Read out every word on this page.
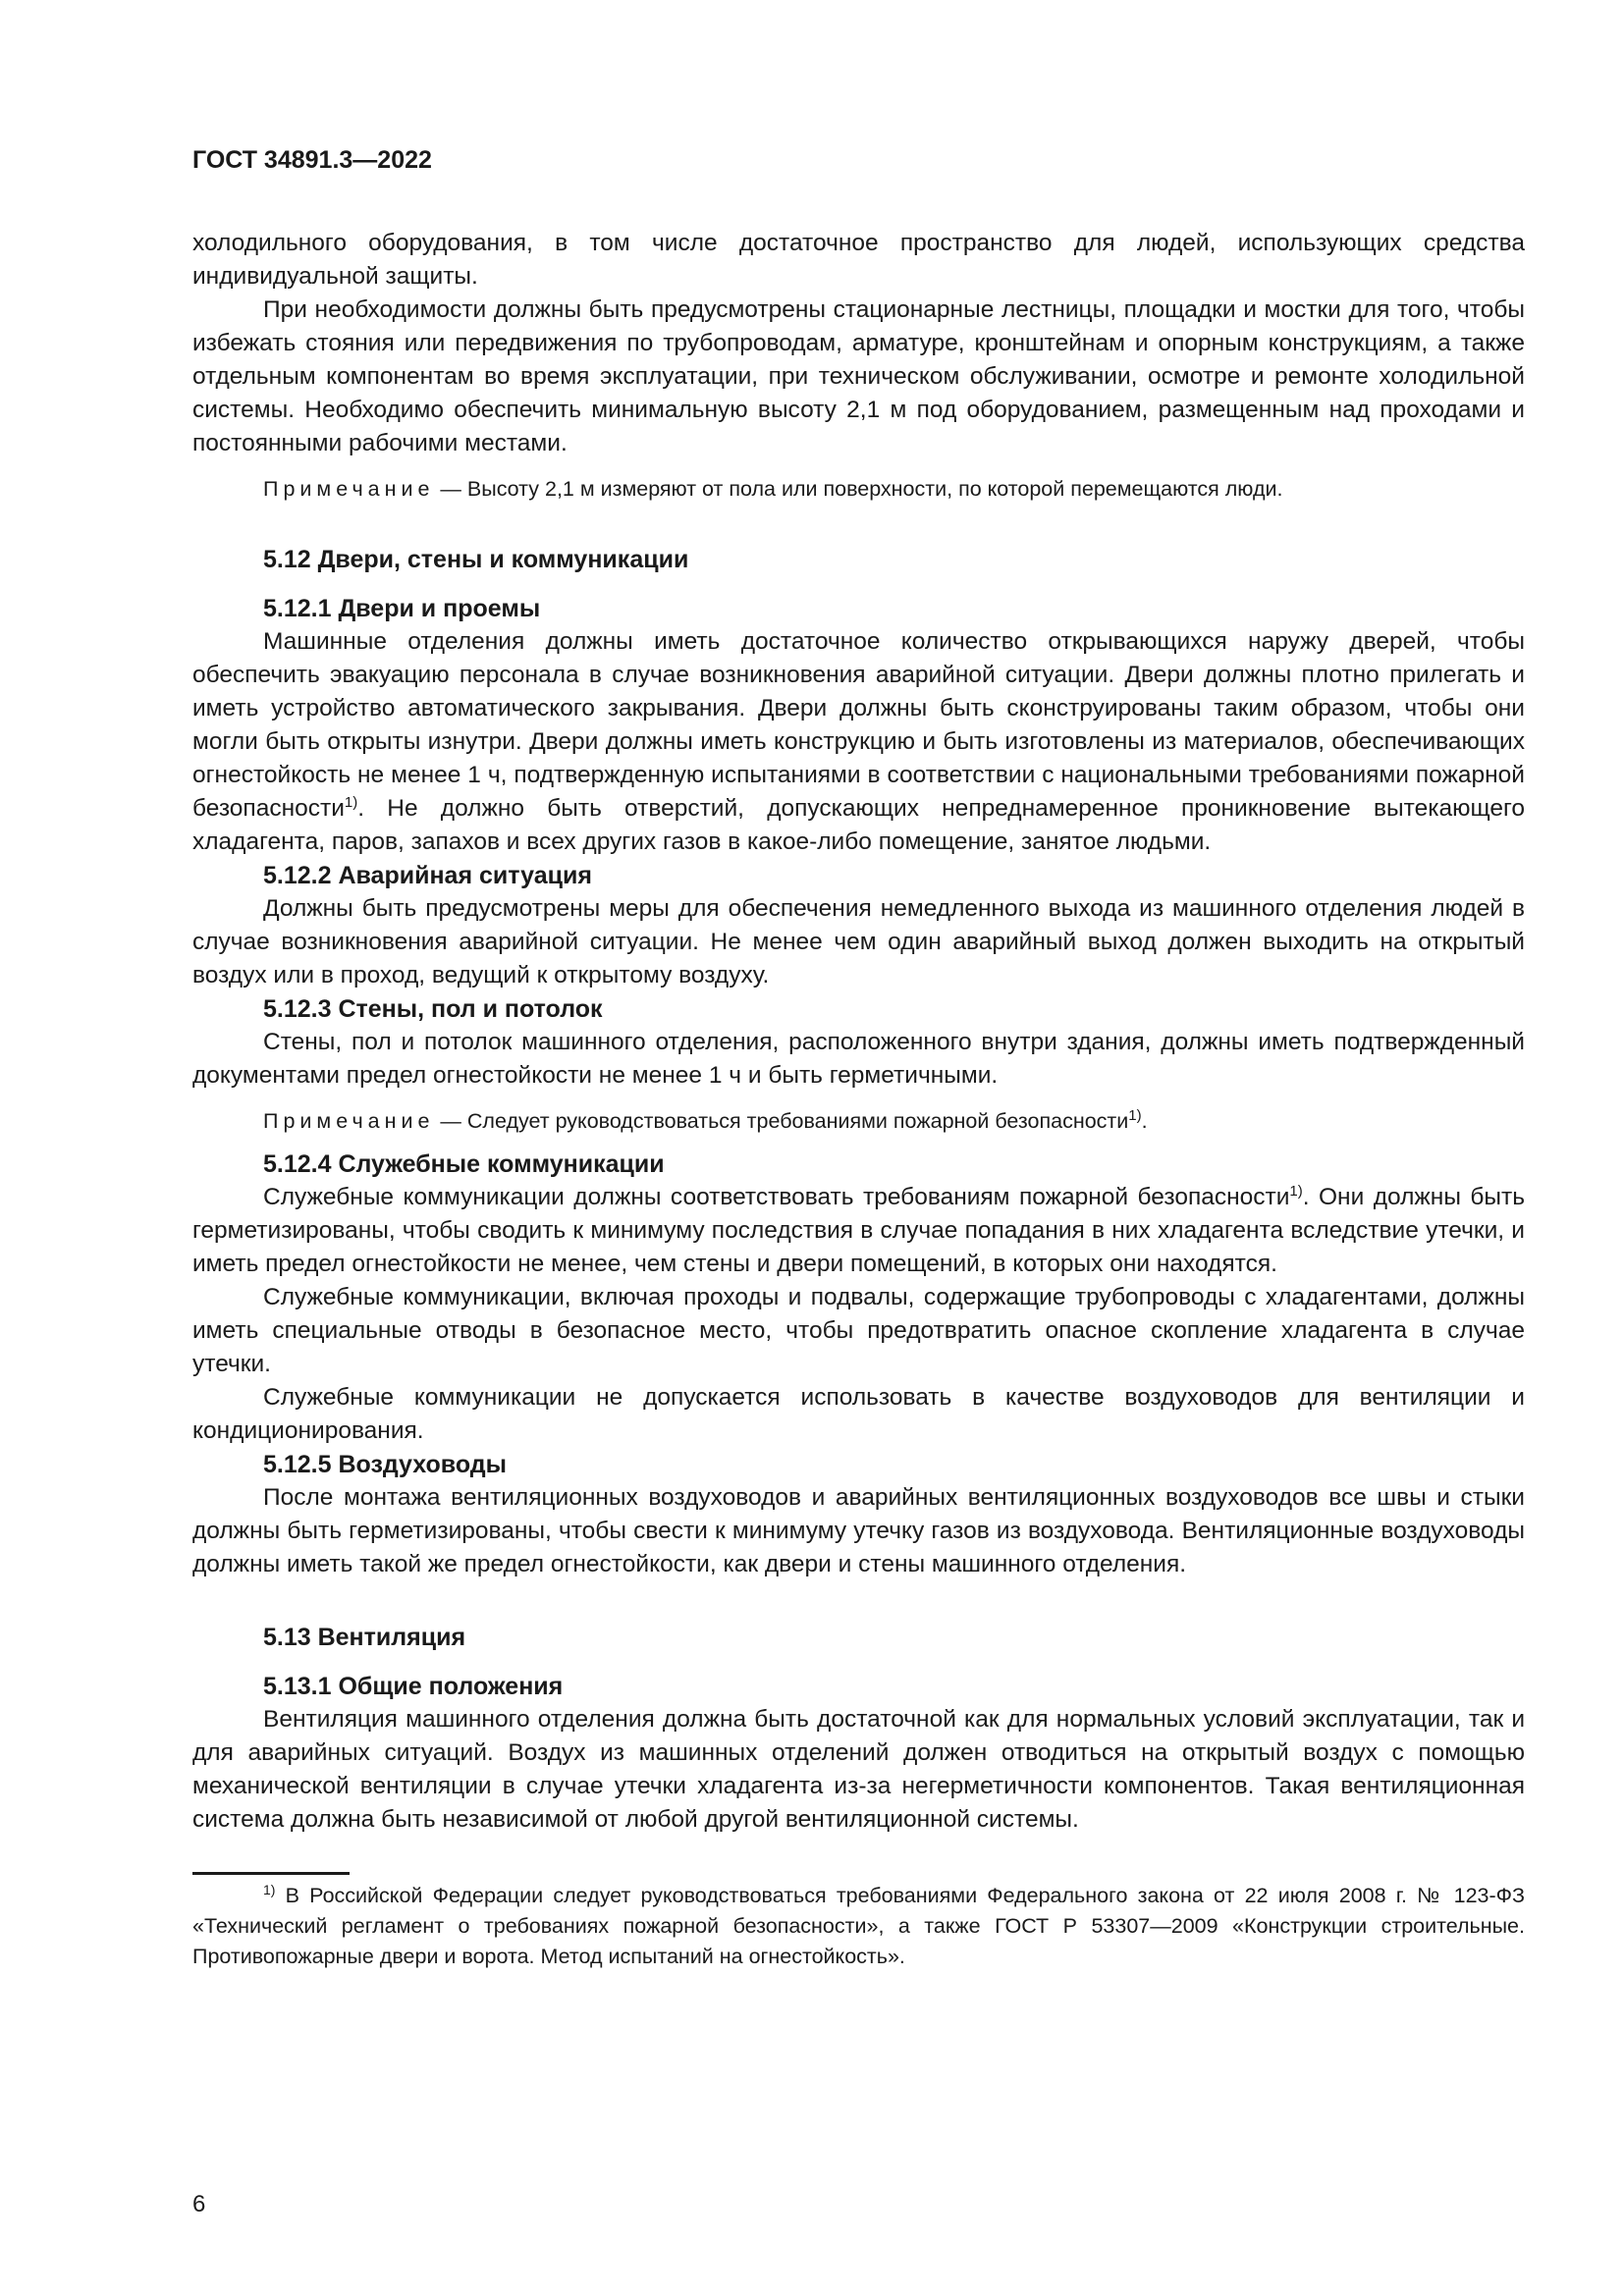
ГОСТ 34891.3—2022

холодильного оборудования, в том числе достаточное пространство для людей, использующих средства индивидуальной защиты.

При необходимости должны быть предусмотрены стационарные лестницы, площадки и мостки для того, чтобы избежать стояния или передвижения по трубопроводам, арматуре, кронштейнам и опорным конструкциям, а также отдельным компонентам во время эксплуатации, при техническом обслуживании, осмотре и ремонте холодильной системы. Необходимо обеспечить минимальную высоту 2,1 м под оборудованием, размещенным над проходами и постоянными рабочими местами.

Примечание — Высоту 2,1 м измеряют от пола или поверхности, по которой перемещаются люди.
5.12 Двери, стены и коммуникации
5.12.1 Двери и проемы

Машинные отделения должны иметь достаточное количество открывающихся наружу дверей, чтобы обеспечить эвакуацию персонала в случае возникновения аварийной ситуации. Двери должны плотно прилегать и иметь устройство автоматического закрывания. Двери должны быть сконструированы таким образом, чтобы они могли быть открыты изнутри. Двери должны иметь конструкцию и быть изготовлены из материалов, обеспечивающих огнестойкость не менее 1 ч, подтвержденную испытаниями в соответствии с национальными требованиями пожарной безопасности$^{1)}$. Не должно быть отверстий, допускающих непреднамеренное проникновение вытекающего хладагента, паров, запахов и всех других газов в какое-либо помещение, занятое людьми.

5.12.2 Аварийная ситуация

Должны быть предусмотрены меры для обеспечения немедленного выхода из машинного отделения людей в случае возникновения аварийной ситуации. Не менее чем один аварийный выход должен выходить на открытый воздух или в проход, ведущий к открытому воздуху.

5.12.3 Стены, пол и потолок

Стены, пол и потолок машинного отделения, расположенного внутри здания, должны иметь подтвержденный документами предел огнестойкости не менее 1 ч и быть герметичными.

Примечание — Следует руководствоваться требованиями пожарной безопасности$^{1)}$.
5.12.4 Служебные коммуникации

Служебные коммуникации должны соответствовать требованиям пожарной безопасности$^{1)}$. Они должны быть герметизированы, чтобы сводить к минимуму последствия в случае попадания в них хладагента вследствие утечки, и иметь предел огнестойкости не менее, чем стены и двери помещений, в которых они находятся.

Служебные коммуникации, включая проходы и подвалы, содержащие трубопроводы с хладагентами, должны иметь специальные отводы в безопасное место, чтобы предотвратить опасное скопление хладагента в случае утечки.

Служебные коммуникации не допускается использовать в качестве воздуховодов для вентиляции и кондиционирования.

5.12.5 Воздуховоды

После монтажа вентиляционных воздуховодов и аварийных вентиляционных воздуховодов все швы и стыки должны быть герметизированы, чтобы свести к минимуму утечку газов из воздуховода. Вентиляционные воздуховоды должны иметь такой же предел огнестойкости, как двери и стены машинного отделения.

5.13 Вентиляция
5.13.1 Общие положения

Вентиляция машинного отделения должна быть достаточной как для нормальных условий эксплуатации, так и для аварийных ситуаций. Воздух из машинных отделений должен отводиться на открытый воздух с помощью механической вентиляции в случае утечки хладагента из-за негерметичности компонентов. Такая вентиляционная система должна быть независимой от любой другой вентиляционной системы.

$^{1)}$ В Российской Федерации следует руководствоваться требованиями Федерального закона от 22 июля 2008 г. № 123-ФЗ «Технический регламент о требованиях пожарной безопасности», а также ГОСТ Р 53307—2009 «Конструкции строительные. Противопожарные двери и ворота. Метод испытаний на огнестойкость».
6
